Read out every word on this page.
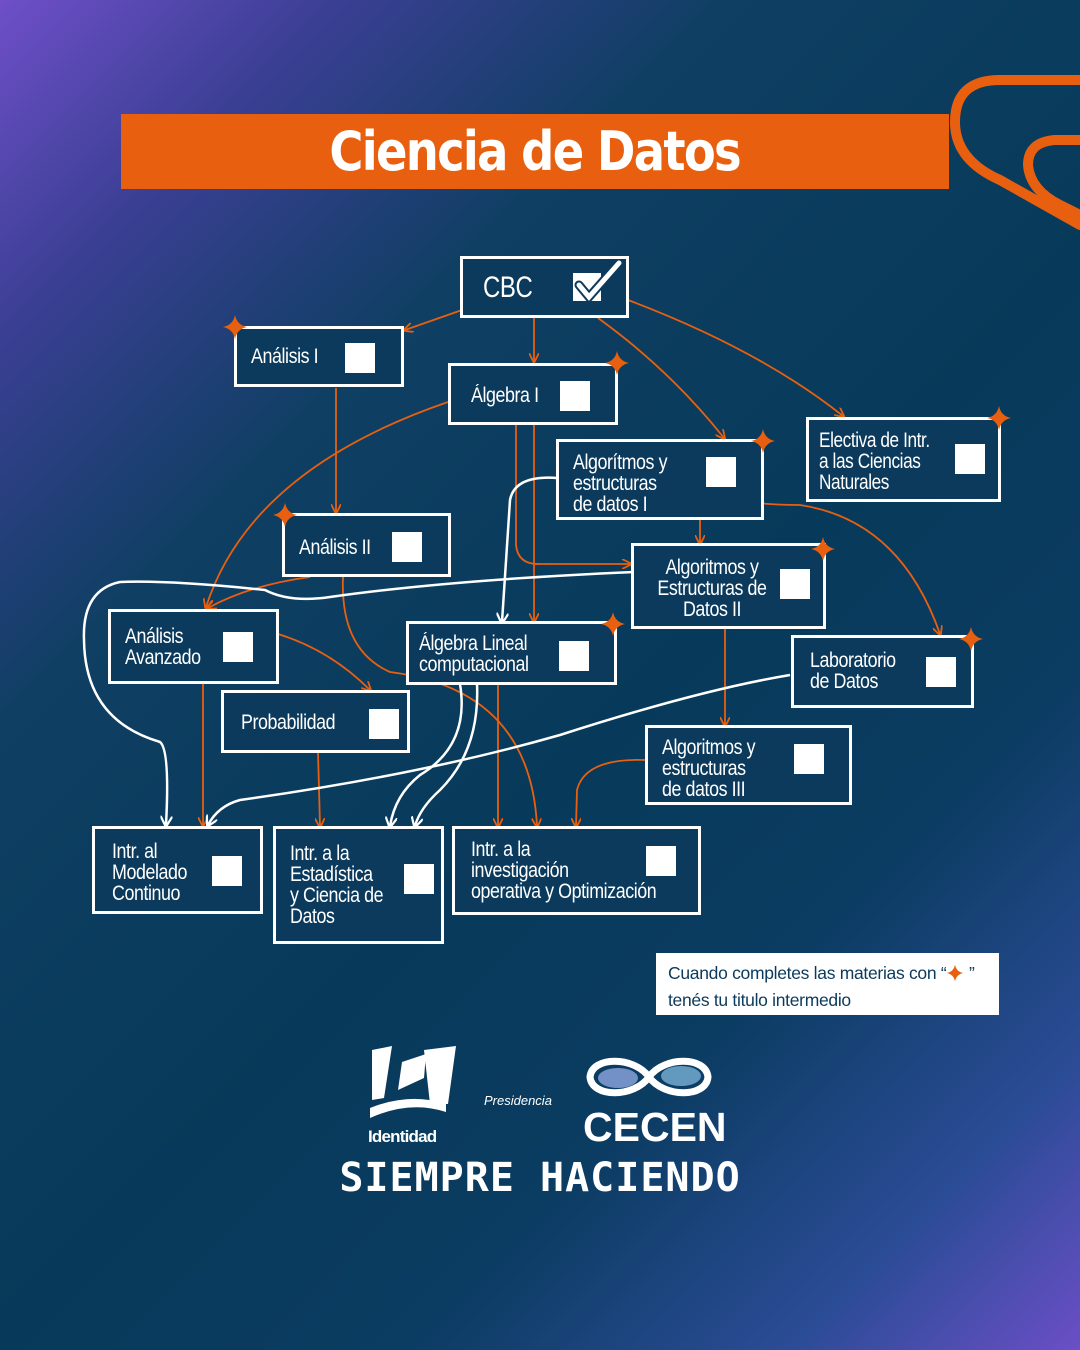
Ciencia de Datos
CBC
Análisis I
Álgebra I
Algorítmos y
estructuras
de datos I
Electiva de Intr.
a las Ciencias
Naturales
Análisis II
Algoritmos y
Estructuras de
Datos II
Análisis
Avanzado
Álgebra Lineal
computacional	Laboratorio
de Datos
Probabilidad
Algoritmos y
estructuras
de datos III
Intr. al
Modelado
Continuo
Intr. a la
Estadística
y Ciencia de
Datos
Intr. a la
investigación
operativa y Optimización
Cuando completes las materias con “ ”
tenés tu titulo intermedio
Identidad
Presidencia
CECEN
SIEMPRE HACIENDO
